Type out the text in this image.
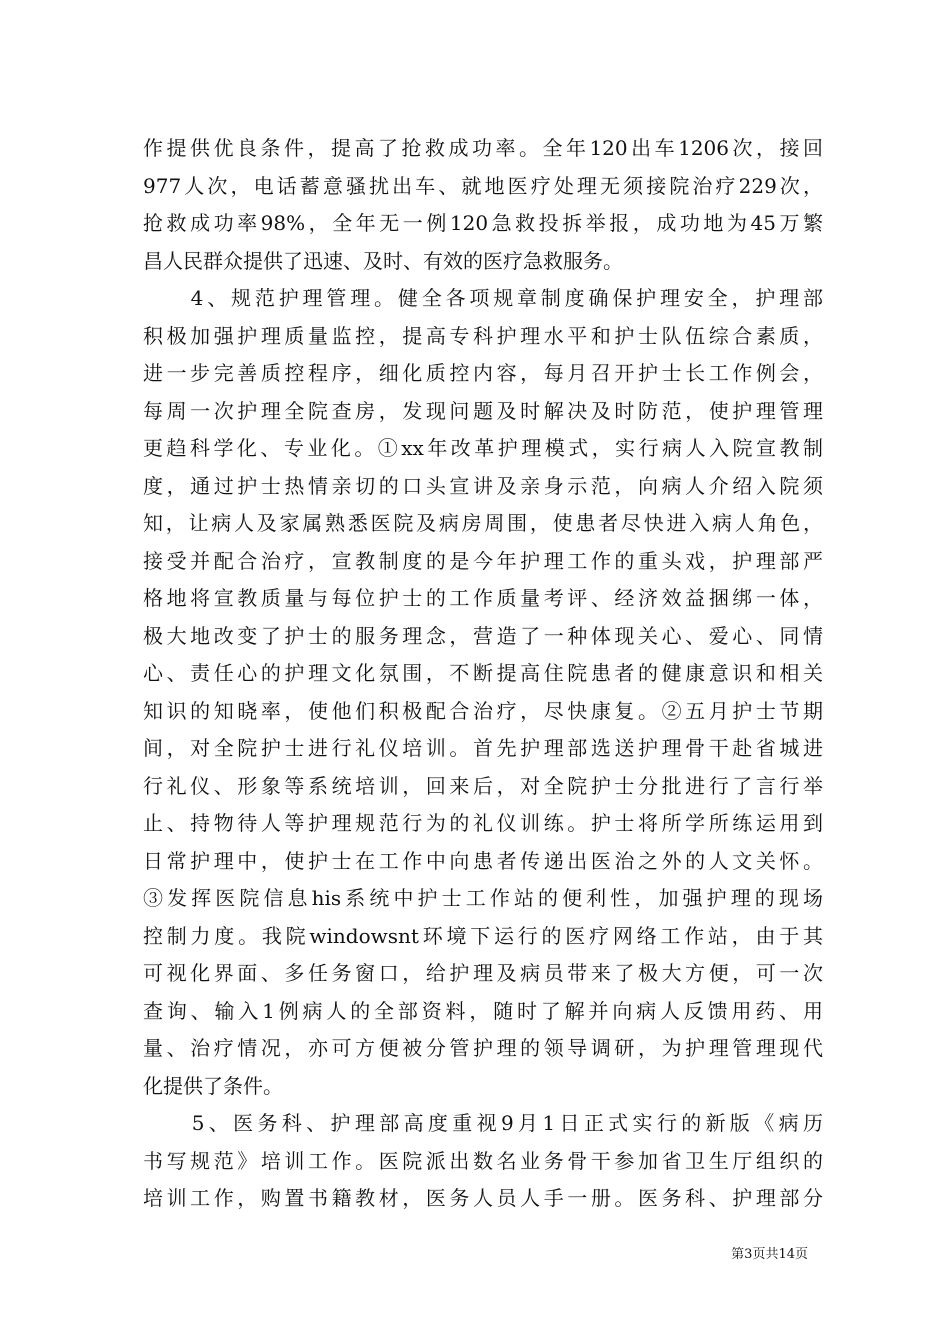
作提供优良条件，提高了抢救成功率。全年120出车1206次，接回
977人次，电话蓄意骚扰出车、就地医疗处理无须接院治疗229次，
抢救成功率98%，全年无一例120急救投拆举报，成功地为45万繁
昌人民群众提供了迅速、及时、有效的医疗急救服务。
　　4、规范护理管理。健全各项规章制度确保护理安全，护理部
积极加强护理质量监控，提高专科护理水平和护士队伍综合素质，
进一步完善质控程序，细化质控内容，每月召开护士长工作例会，
每周一次护理全院查房，发现问题及时解决及时防范，使护理管理
更趋科学化、专业化。①xx年改革护理模式，实行病人入院宣教制
度，通过护士热情亲切的口头宣讲及亲身示范，向病人介绍入院须
知，让病人及家属熟悉医院及病房周围，使患者尽快进入病人角色，
接受并配合治疗，宣教制度的是今年护理工作的重头戏，护理部严
格地将宣教质量与每位护士的工作质量考评、经济效益捆绑一体，
极大地改变了护士的服务理念，营造了一种体现关心、爱心、同情
心、责任心的护理文化氛围，不断提高住院患者的健康意识和相关
知识的知晓率，使他们积极配合治疗，尽快康复。②五月护士节期
间，对全院护士进行礼仪培训。首先护理部选送护理骨干赴省城进
行礼仪、形象等系统培训，回来后，对全院护士分批进行了言行举
止、持物待人等护理规范行为的礼仪训练。护士将所学所练运用到
日常护理中，使护士在工作中向患者传递出医治之外的人文关怀。
③发挥医院信息his系统中护士工作站的便利性，加强护理的现场
控制力度。我院windowsnt环境下运行的医疗网络工作站，由于其
可视化界面、多任务窗口，给护理及病员带来了极大方便，可一次
查询、输入1例病人的全部资料，随时了解并向病人反馈用药、用
量、治疗情况，亦可方便被分管护理的领导调研，为护理管理现代
化提供了条件。
　　5、医务科、护理部高度重视9月1日正式实行的新版《病历
书写规范》培训工作。医院派出数名业务骨干参加省卫生厅组织的
培训工作，购置书籍教材，医务人员人手一册。医务科、护理部分
第3页共14页
